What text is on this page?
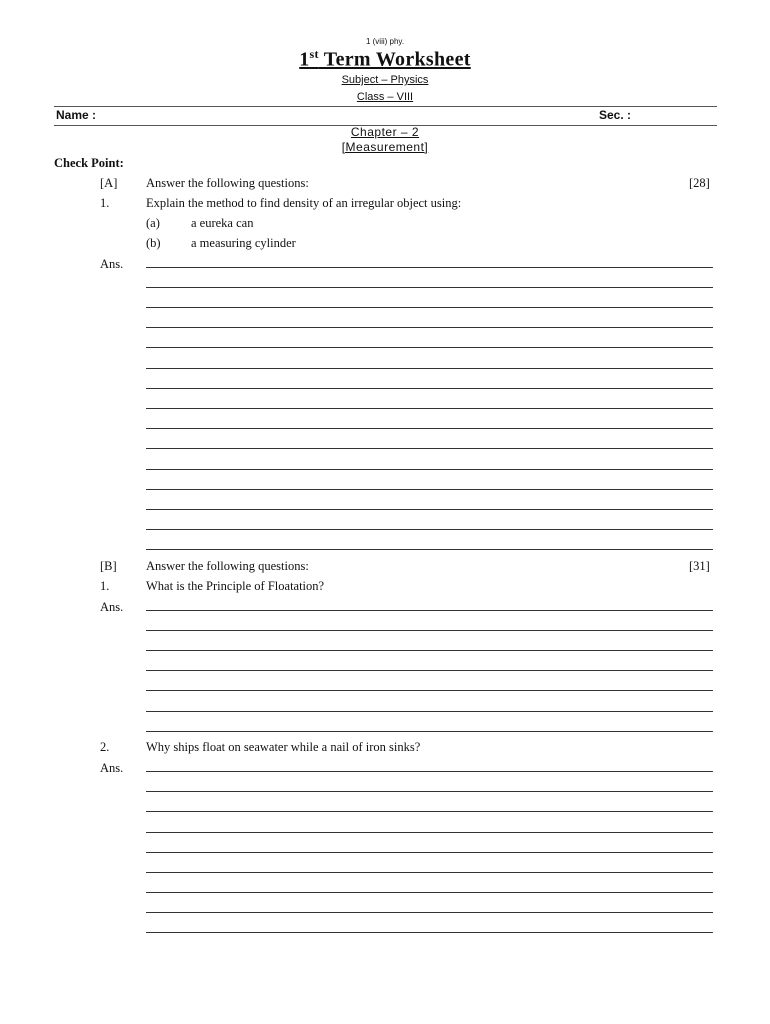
1 (viii) phy.
1st Term Worksheet
Subject – Physics
Class – VIII
Name :	Sec. :
Chapter – 2
[Measurement]
Check Point:
[A] Answer the following questions:	[28]
1.	Explain the method to find density of an irregular object using:
(a) a eureka can
(b) a measuring cylinder
Ans.
[B] Answer the following questions:	[31]
1.	What is the Principle of Floatation?
Ans.
2.	Why ships float on seawater while a nail of iron sinks?
Ans.
